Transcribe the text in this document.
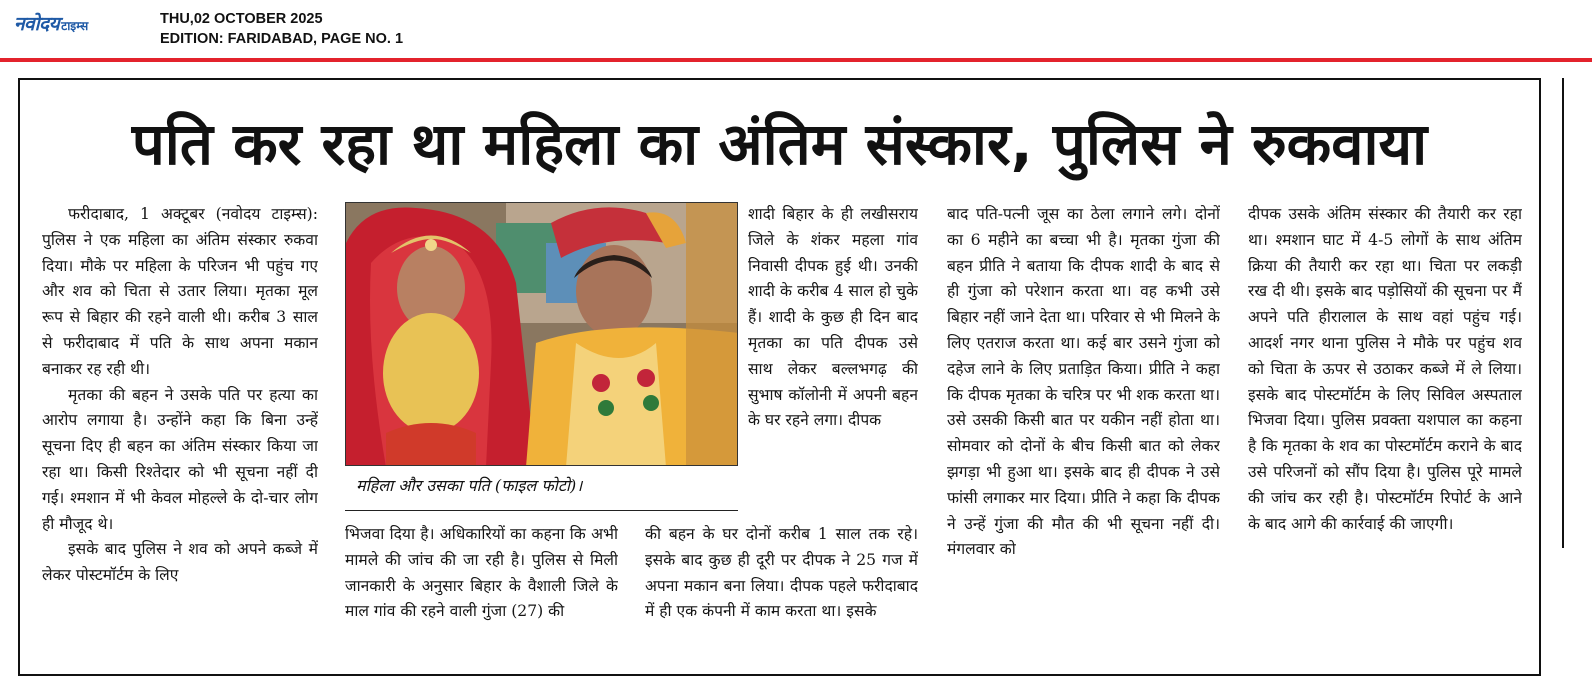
नवोदय टाइम्स	THU,02 OCTOBER 2025
EDITION: FARIDABAD, PAGE NO. 1
पति कर रहा था महिला का अंतिम संस्कार, पुलिस ने रुकवाया

फरीदाबाद, 1 अक्टूबर (नवोदय टाइम्स): पुलिस ने एक महिला का अंतिम संस्कार रुकवा दिया। मौके पर महिला के परिजन भी पहुंच गए और शव को चिता से उतार लिया। मृतका मूल रूप से बिहार की रहने वाली थी। करीब 3 साल से फरीदाबाद में पति के साथ अपना मकान बनाकर रह रही थी।

मृतका की बहन ने उसके पति पर हत्या का आरोप लगाया है। उन्होंने कहा कि बिना उन्हें सूचना दिए ही बहन का अंतिम संस्कार किया जा रहा था। किसी रिश्तेदार को भी सूचना नहीं दी गई। श्मशान में भी केवल मोहल्ले के दो-चार लोग ही मौजूद थे।

इसके बाद पुलिस ने शव को अपने कब्जे में लेकर पोस्टमॉर्टम के लिए

महिला और उसका पति (फाइल फोटो)।

भिजवा दिया है। अधिकारियों का कहना कि अभी मामले की जांच की जा रही है। पुलिस से मिली जानकारी के अनुसार बिहार के वैशाली जिले के माल गांव की रहने वाली गुंजा (27) की

शादी बिहार के ही लखीसराय जिले के शंकर महला गांव निवासी दीपक हुई थी। उनकी शादी के करीब 4 साल हो चुके हैं। शादी के कुछ ही दिन बाद मृतका का पति दीपक उसे साथ लेकर बल्लभगढ़ की सुभाष कॉलोनी में अपनी बहन के घर रहने लगा। दीपक

की बहन के घर दोनों करीब 1 साल तक रहे। इसके बाद कुछ ही दूरी पर दीपक ने 25 गज में अपना मकान बना लिया। दीपक पहले फरीदाबाद में ही एक कंपनी में काम करता था। इसके

बाद पति-पत्नी जूस का ठेला लगाने लगे। दोनों का 6 महीने का बच्चा भी है। मृतका गुंजा की बहन प्रीति ने बताया कि दीपक शादी के बाद से ही गुंजा को परेशान करता था। वह कभी उसे बिहार नहीं जाने देता था। परिवार से भी मिलने के लिए एतराज करता था। कई बार उसने गुंजा को दहेज लाने के लिए प्रताड़ित किया। प्रीति ने कहा कि दीपक मृतका के चरित्र पर भी शक करता था। उसे उसकी किसी बात पर यकीन नहीं होता था। सोमवार को दोनों के बीच किसी बात को लेकर झगड़ा भी हुआ था। इसके बाद ही दीपक ने उसे फांसी लगाकर मार दिया। प्रीति ने कहा कि दीपक ने उन्हें गुंजा की मौत की भी सूचना नहीं दी। मंगलवार को

दीपक उसके अंतिम संस्कार की तैयारी कर रहा था। श्मशान घाट में 4-5 लोगों के साथ अंतिम क्रिया की तैयारी कर रहा था। चिता पर लकड़ी रख दी थी। इसके बाद पड़ोसियों की सूचना पर मैं अपने पति हीरालाल के साथ वहां पहुंच गई। आदर्श नगर थाना पुलिस ने मौके पर पहुंच शव को चिता के ऊपर से उठाकर कब्जे में ले लिया। इसके बाद पोस्टमॉर्टम के लिए सिविल अस्पताल भिजवा दिया। पुलिस प्रवक्ता यशपाल का कहना है कि मृतका के शव का पोस्टमॉर्टम कराने के बाद उसे परिजनों को सौंप दिया है। पुलिस पूरे मामले की जांच कर रही है। पोस्टमॉर्टम रिपोर्ट के आने के बाद आगे की कार्रवाई की जाएगी।
